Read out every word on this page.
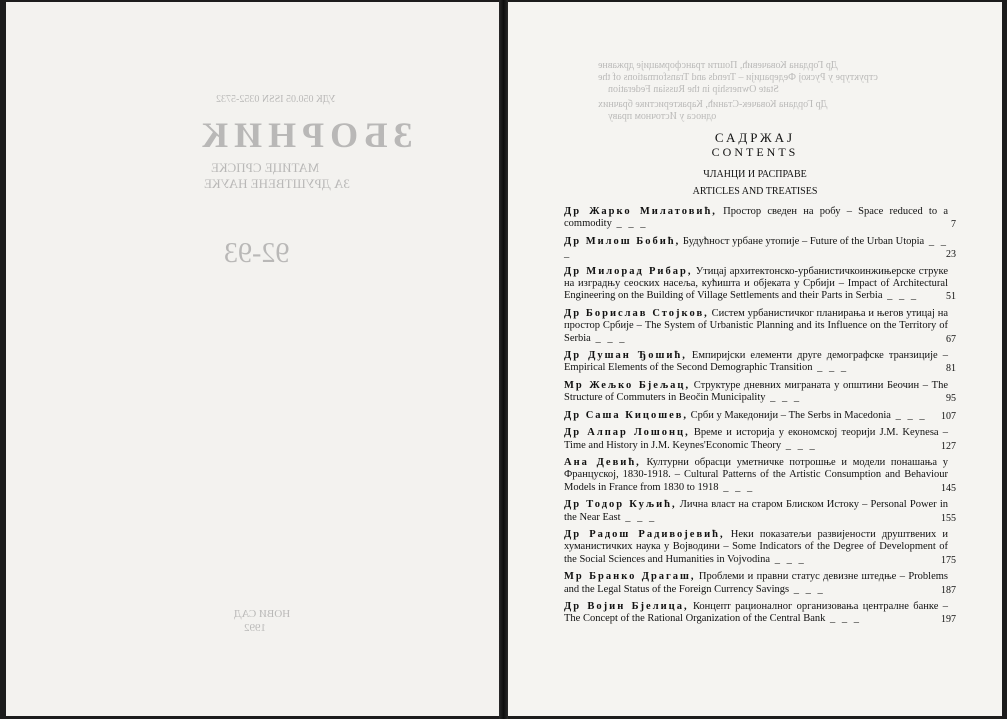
УДК 050.05 ISSN 0352-5732
ЗБОРНИК
МАТИЦЕ СРПСКЕ
ЗА ДРУШТВЕНЕ НАУКЕ
92-93
НОВИ САД
1992
Др Гордана Ковачевић, Пошти трансформације државне
структуре у Руској Федерацији – Trends and Transformations of the
State Ownership in the Russian Federation
Др Гордана Ковачек-Станић, Карактеристике брачних
односа у Источном праву
САДРЖАЈ
CONTENTS
ЧЛАНЦИ И РАСПРАВЕ
ARTICLES AND TREATISES
Др Жарко Милатовић, Простор сведен на робу – Space reduced to a commodity _ _ _	7
Др Милош Бобић, Будућност урбане утопије – Future of the Urban Utopia _ _ _	23
Др Милорад Рибар, Утицај архитектонско-урбанистичкоинжињерске струке на изградњу сеоских насеља, кућишта и објеката у Србији – Impact of Architectural Engineering on the Building of Village Settlements and their Parts in Serbia _ _ _	51
Др Борислав Стојков, Систем урбанистичког планирања и његов утицај на простор Србије – The System of Urbanistic Planning and its Influence on the Territory of Serbia _ _ _	67
Др Душан Ђошић, Емпиријски елементи друге демографске транзиције – Empirical Elements of the Second Demographic Transition _ _ _	81
Мр Жељко Бјељац, Структуре дневних миграната у општини Беочин – The Structure of Commuters in Beočin Municipality _ _ _	95
Др Саша Кицошев, Срби у Македонији – The Serbs in Macedonia _ _ _ 107
Др Алпар Лошонц, Време и историја у економској теорији J.M. Keynesa – Time and History in J.M. Keynes'Economic Theory _ _ _	127
Ана Девић, Културни обрасци уметничке потрошње и модели понашања у Француској, 1830-1918. – Cultural Patterns of the Artistic Consumption and Behaviour Models in France from 1830 to 1918 _ _ _	145
Др Тодор Куљић, Лична власт на старом Блиском Истоку – Personal Power in the Near East _ _ _	155
Др Радош Радивојевић, Неки показатељи развијености друштвених и хуманистичких наука у Војводини – Some Indicators of the Degree of Development of the Social Sciences and Humanities in Vojvodina _ _ _	175
Мр Бранко Драгаш, Проблеми и правни статус девизне штедње – Problems and the Legal Status of the Foreign Currency Savings _ _ _	187
Др Војин Бјелица, Концепт рационалног организовања централне банке – The Concept of the Rational Organization of the Central Bank _ _ _	197
